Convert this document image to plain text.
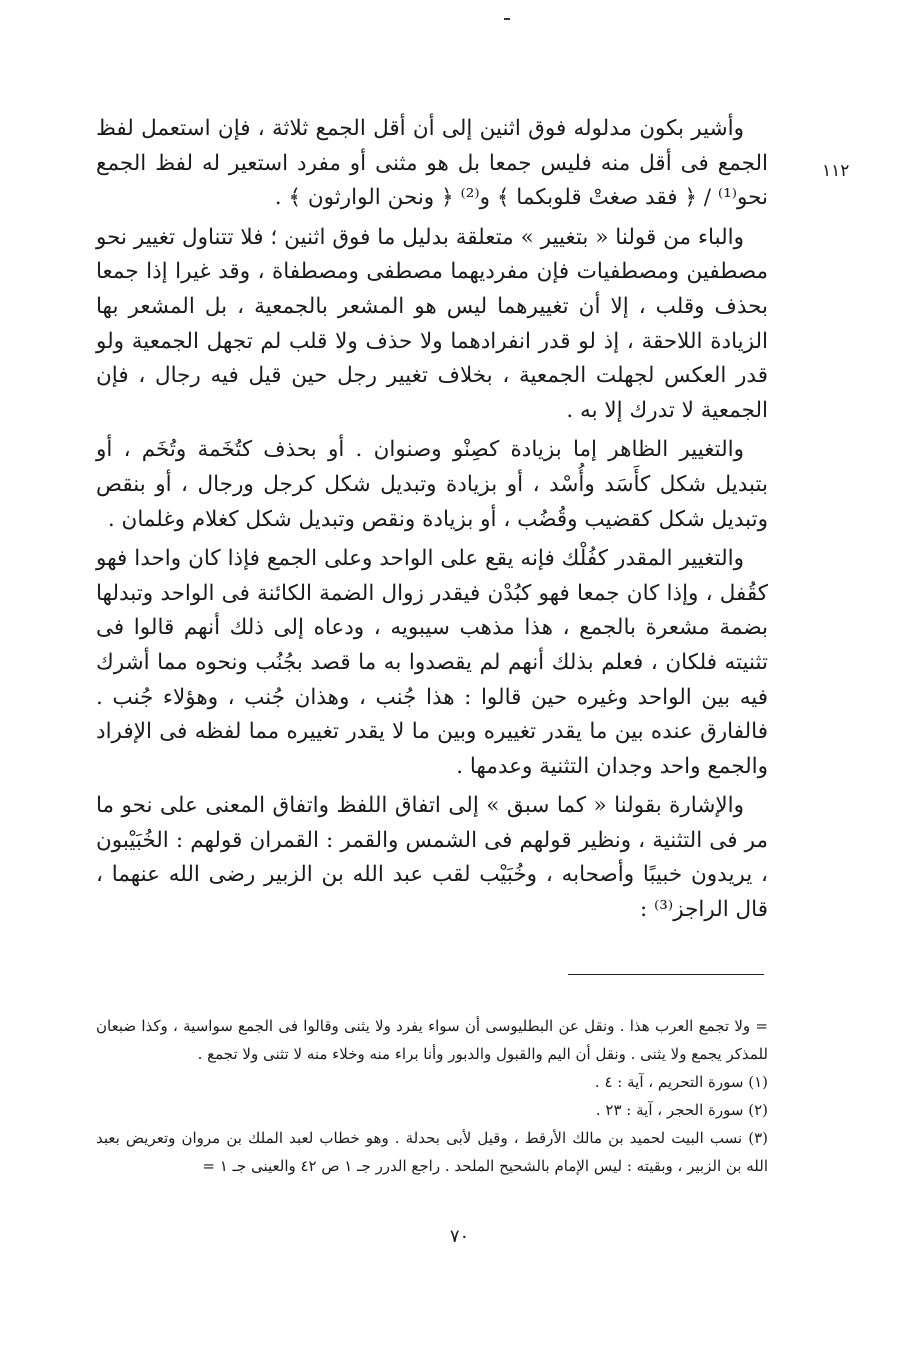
١١٢

وأشير بكون مدلوله فوق اثنين إلى أن أقل الجمع ثلاثة ، فإن استعمل لفظ الجمع فى أقل منه فليس جمعا بل هو مثنى أو مفرد استعير له لفظ الجمع نحو⁽¹⁾ / ﴿ فقد صغتْ قلوبكما ﴾ و⁽²⁾ ﴿ ونحن الوارثون ﴾ .

والباء من قولنا « بتغيير » متعلقة بدليل ما فوق اثنين ؛ فلا تتناول تغيير نحو مصطفين ومصطفيات فإن مفرديهما مصطفى ومصطفاة ، وقد غيرا إذا جمعا بحذف وقلب ، إلا أن تغييرهما ليس هو المشعر بالجمعية ، بل المشعر بها الزيادة اللاحقة ، إذ لو قدر انفرادهما ولا حذف ولا قلب لم تجهل الجمعية ولو قدر العكس لجهلت الجمعية ، بخلاف تغيير رجل حين قيل فيه رجال ، فإن الجمعية لا تدرك إلا به .

والتغيير الظاهر إما بزيادة كصِنْو وصنوان . أو بحذف كتُخَمة وتُخَم ، أو بتبديل شكل كأَسَد وأُسْد ، أو بزيادة وتبديل شكل كرجل ورجال ، أو بنقص وتبديل شكل كقضيب وقُضُب ، أو بزيادة ونقص وتبديل شكل كغلام وغلمان .

والتغيير المقدر كفُلْك فإنه يقع على الواحد وعلى الجمع فإذا كان واحدا فهو كقُفل ، وإذا كان جمعا فهو كبُدْن فيقدر زوال الضمة الكائنة فى الواحد وتبدلها بضمة مشعرة بالجمع ، هذا مذهب سيبويه ، ودعاه إلى ذلك أنهم قالوا فى تثنيته فلكان ، فعلم بذلك أنهم لم يقصدوا به ما قصد بجُنُب ونحوه مما أشرك فيه بين الواحد وغيره حين قالوا : هذا جُنب ، وهذان جُنب ، وهؤلاء جُنب . فالفارق عنده بين ما يقدر تغييره وبين ما لا يقدر تغييره مما لفظه فى الإفراد والجمع واحد وجدان التثنية وعدمها .

والإشارة بقولنا « كما سبق » إلى اتفاق اللفظ واتفاق المعنى على نحو ما مر فى التثنية ، ونظير قولهم فى الشمس والقمر : القمران قولهم : الخُبَيْبون ، يريدون خبيبًا وأصحابه ، وخُبَيْب لقب عبد الله بن الزبير رضى الله عنهما ، قال الراجز⁽³⁾ :

= ولا تجمع العرب هذا . ونقل عن البطليوسى أن سواء يفرد ولا يثنى وقالوا فى الجمع سواسية ، وكذا ضبعان للمذكر يجمع ولا يثنى . ونقل أن اليم والقبول والدبور وأنا براء منه وخلاء منه لا تثنى ولا تجمع .

(١) سورة التحريم ، آية : ٤ .

(٢) سورة الحجر ، آية : ٢٣ .

(٣) نسب البيت لحميد بن مالك الأرقط ، وقيل لأبى بحدلة . وهو خطاب لعبد الملك بن مروان وتعريض بعبد الله بن الزبير ، وبقيته : ليس الإمام بالشحيح الملحد . راجع الدرر جـ ١ ص ٤٢ والعينى جـ ١ =

٧٠
